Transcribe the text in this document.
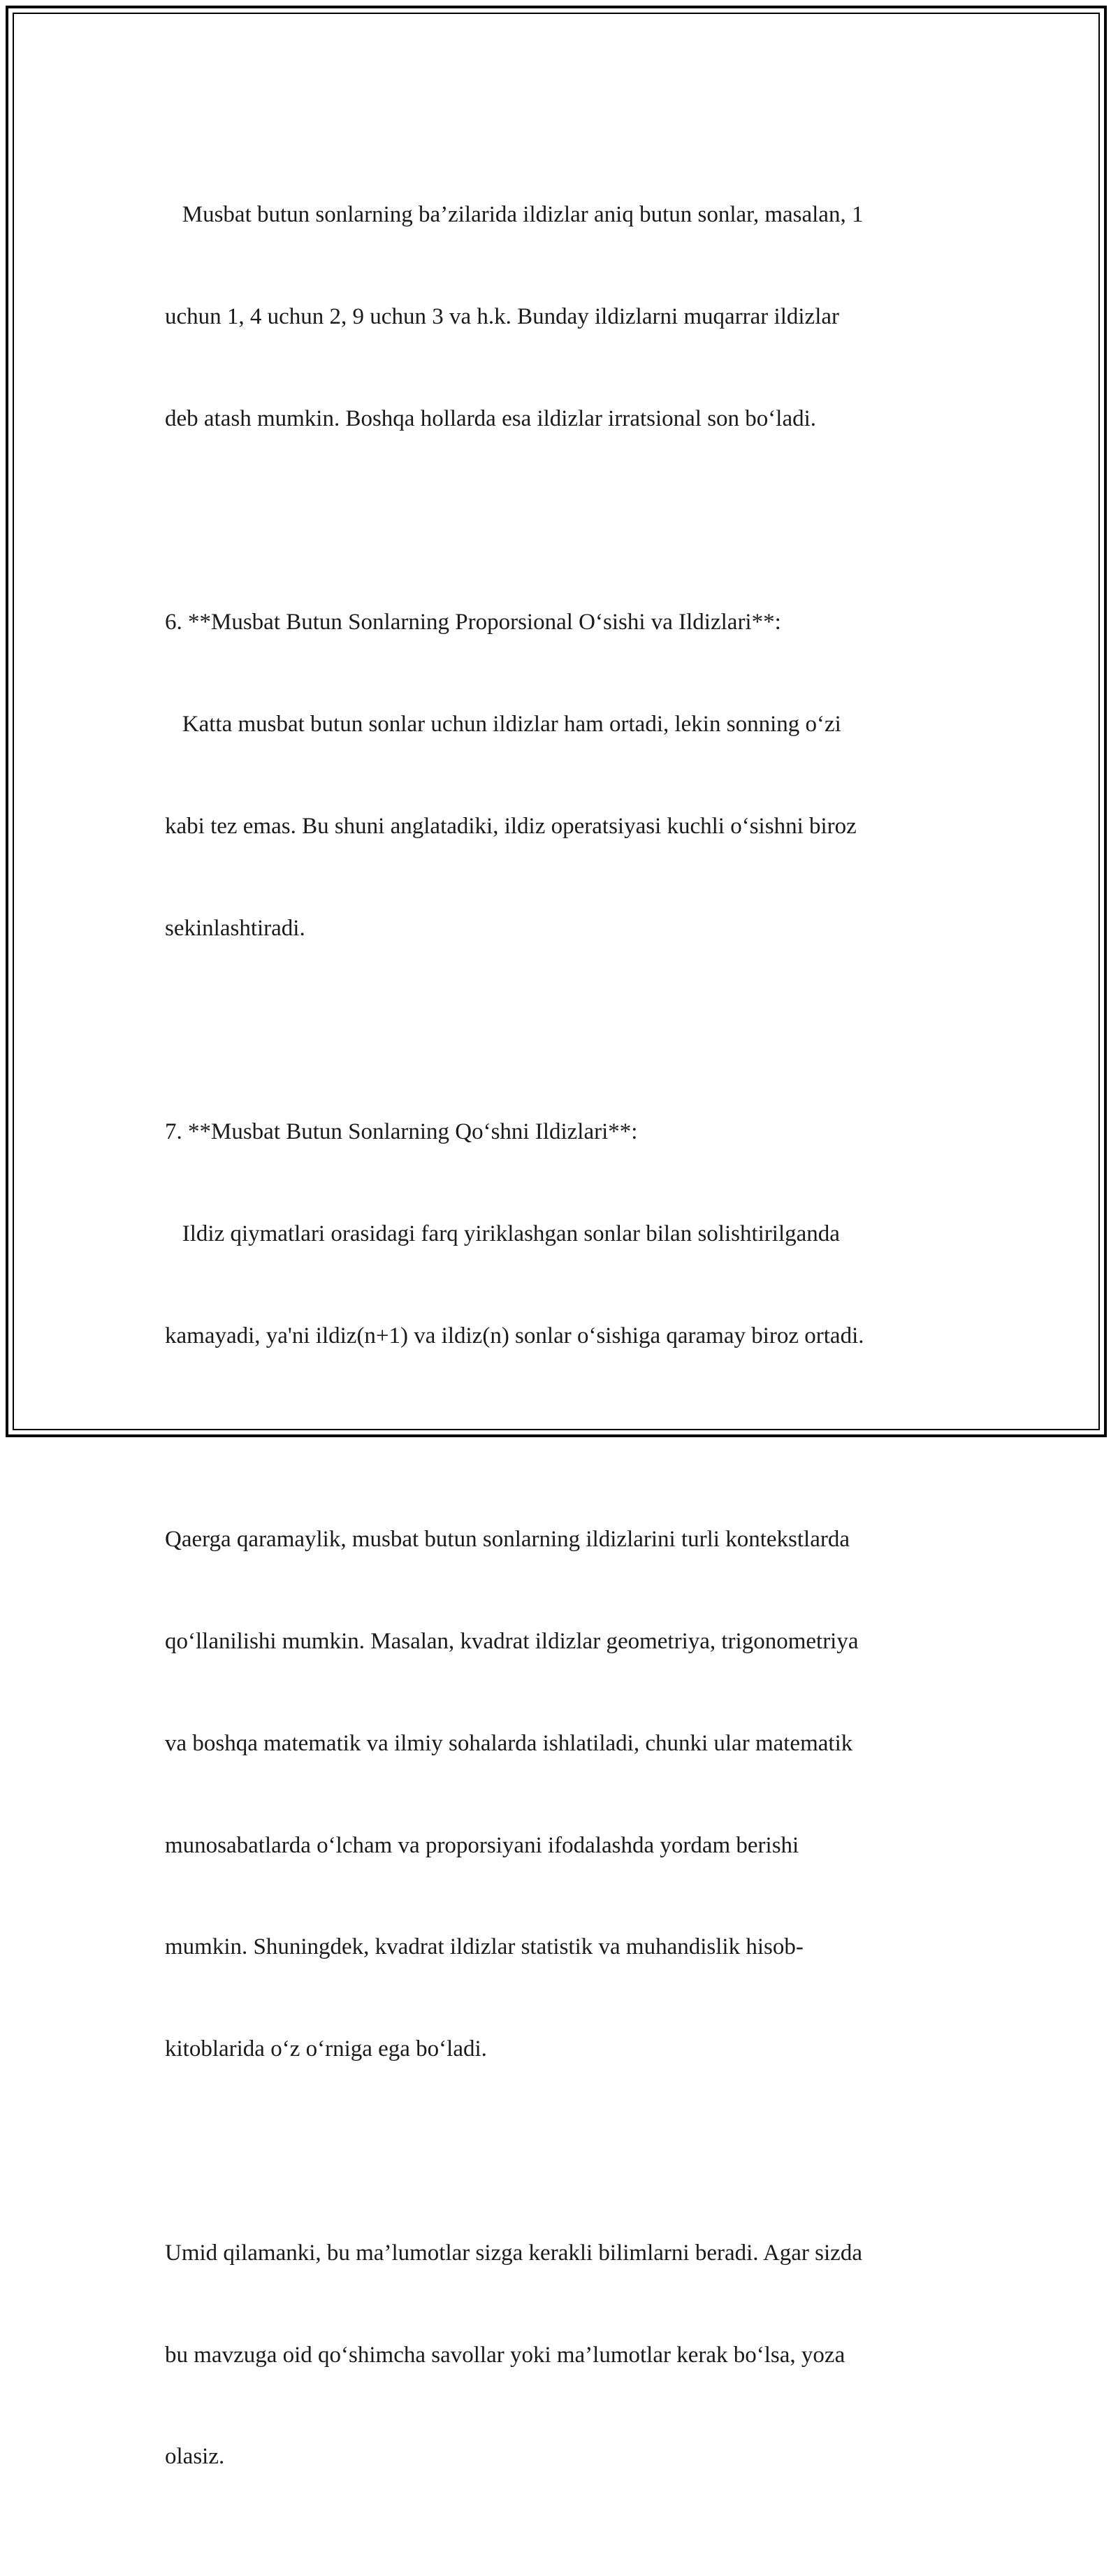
Musbat butun sonlarning ba’zilarida ildizlar aniq butun sonlar, masalan, 1

uchun 1, 4 uchun 2, 9 uchun 3 va h.k. Bunday ildizlarni muqarrar ildizlar

deb atash mumkin. Boshqa hollarda esa ildizlar irratsional son bo‘ladi.

6. **Musbat Butun Sonlarning Proporsional O‘sishi va Ildizlari**:

Katta musbat butun sonlar uchun ildizlar ham ortadi, lekin sonning o‘zi

kabi tez emas. Bu shuni anglatadiki, ildiz operatsiyasi kuchli o‘sishni biroz

sekinlashtiradi.

7. **Musbat Butun Sonlarning Qo‘shni Ildizlari**:

Ildiz qiymatlari orasidagi farq yiriklashgan sonlar bilan solishtirilganda

kamayadi, ya'ni ildiz(n+1) va ildiz(n) sonlar o‘sishiga qaramay biroz ortadi.

Qaerga qaramaylik, musbat butun sonlarning ildizlarini turli kontekstlarda

qo‘llanilishi mumkin. Masalan, kvadrat ildizlar geometriya, trigonometriya

va boshqa matematik va ilmiy sohalarda ishlatiladi, chunki ular matematik

munosabatlarda o‘lcham va proporsiyani ifodalashda yordam berishi

mumkin. Shuningdek, kvadrat ildizlar statistik va muhandislik hisob-

kitoblarida o‘z o‘rniga ega bo‘ladi.

Umid qilamanki, bu ma’lumotlar sizga kerakli bilimlarni beradi. Agar sizda

bu mavzuga oid qo‘shimcha savollar yoki ma’lumotlar kerak bo‘lsa, yoza

olasiz.
